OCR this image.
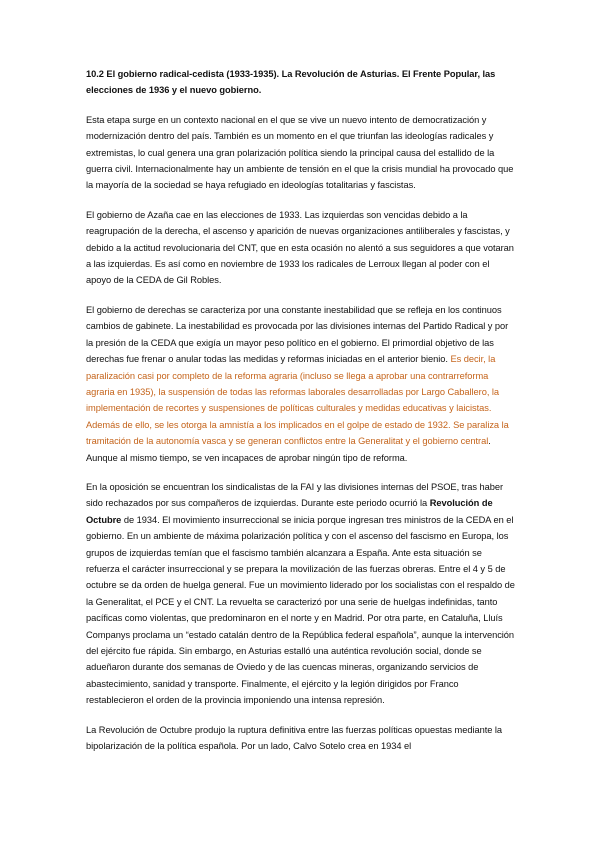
10.2 El gobierno radical-cedista (1933-1935). La Revolución de Asturias. El Frente Popular, las elecciones de 1936 y el nuevo gobierno.

Esta etapa surge en un contexto nacional en el que se vive un nuevo intento de democratización y modernización dentro del país. También es un momento en el que triunfan las ideologías radicales y extremistas, lo cual genera una gran polarización política siendo la principal causa del estallido de la guerra civil. Internacionalmente hay un ambiente de tensión en el que la crisis mundial ha provocado que la mayoría de la sociedad se haya refugiado en ideologías totalitarias y fascistas.

El gobierno de Azaña cae en las elecciones de 1933. Las izquierdas son vencidas debido a la reagrupación de la derecha, el ascenso y aparición de nuevas organizaciones antiliberales y fascistas, y debido a la actitud revolucionaria del CNT, que en esta ocasión no alentó a sus seguidores a que votaran a las izquierdas. Es así como en noviembre de 1933 los radicales de Lerroux llegan al poder con el apoyo de la CEDA de Gil Robles.

El gobierno de derechas se caracteriza por una constante inestabilidad que se refleja en los continuos cambios de gabinete. La inestabilidad es provocada por las divisiones internas del Partido Radical y por la presión de la CEDA que exigía un mayor peso político en el gobierno. El primordial objetivo de las derechas fue frenar o anular todas las medidas y reformas iniciadas en el anterior bienio. Es decir, la paralización casi por completo de la reforma agraria (incluso se llega a aprobar una contrarreforma agraria en 1935), la suspensión de todas las reformas laborales desarrolladas por Largo Caballero, la implementación de recortes y suspensiones de políticas culturales y medidas educativas y laicistas. Además de ello, se les otorga la amnistía a los implicados en el golpe de estado de 1932. Se paraliza la tramitación de la autonomía vasca y se generan conflictos entre la Generalitat y el gobierno central. Aunque al mismo tiempo, se ven incapaces de aprobar ningún tipo de reforma.

En la oposición se encuentran los sindicalistas de la FAI y las divisiones internas del PSOE, tras haber sido rechazados por sus compañeros de izquierdas. Durante este periodo ocurrió la Revolución de Octubre de 1934. El movimiento insurreccional se inicia porque ingresan tres ministros de la CEDA en el gobierno. En un ambiente de máxima polarización política y con el ascenso del fascismo en Europa, los grupos de izquierdas temían que el fascismo también alcanzara a España. Ante esta situación se refuerza el carácter insurreccional y se prepara la movilización de las fuerzas obreras. Entre el 4 y 5 de octubre se da orden de huelga general. Fue un movimiento liderado por los socialistas con el respaldo de la Generalitat, el PCE y el CNT. La revuelta se caracterizó por una serie de huelgas indefinidas, tanto pacíficas como violentas, que predominaron en el norte y en Madrid. Por otra parte, en Cataluña, Lluís Companys proclama un “estado catalán dentro de la República federal española”, aunque la intervención del ejército fue rápida. Sin embargo, en Asturias estalló una auténtica revolución social, donde se adueñaron durante dos semanas de Oviedo y de las cuencas mineras, organizando servicios de abastecimiento, sanidad y transporte. Finalmente, el ejército y la legión dirigidos por Franco restablecieron el orden de la provincia imponiendo una intensa represión.

La Revolución de Octubre produjo la ruptura definitiva entre las fuerzas políticas opuestas mediante la bipolarización de la política española. Por un lado, Calvo Sotelo crea en 1934 el
